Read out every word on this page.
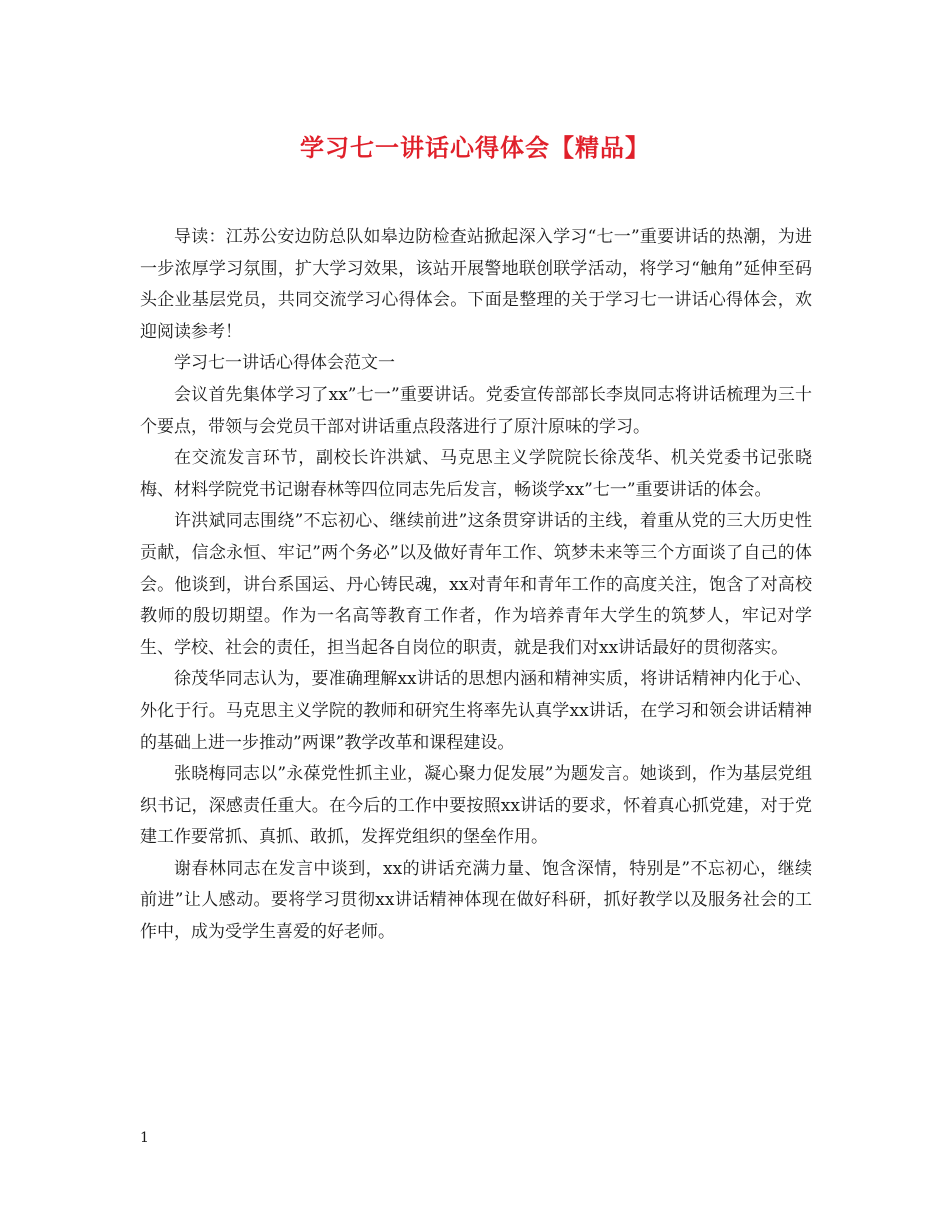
学习七一讲话心得体会【精品】

导读：江苏公安边防总队如皋边防检查站掀起深入学习“七一”重要讲话的热潮，为进一步浓厚学习氛围，扩大学习效果，该站开展警地联创联学活动，将学习“触角”延伸至码头企业基层党员，共同交流学习心得体会。下面是整理的关于学习七一讲话心得体会，欢迎阅读参考！

学习七一讲话心得体会范文一

会议首先集体学习了xx”七一”重要讲话。党委宣传部部长李岚同志将讲话梳理为三十个要点，带领与会党员干部对讲话重点段落进行了原汁原味的学习。

在交流发言环节，副校长许洪斌、马克思主义学院院长徐茂华、机关党委书记张晓梅、材料学院党书记谢春林等四位同志先后发言，畅谈学xx”七一”重要讲话的体会。

许洪斌同志围绕”不忘初心、继续前进”这条贯穿讲话的主线，着重从党的三大历史性贡献，信念永恒、牢记”两个务必”以及做好青年工作、筑梦未来等三个方面谈了自己的体会。他谈到，讲台系国运、丹心铸民魂，xx对青年和青年工作的高度关注，饱含了对高校教师的殷切期望。作为一名高等教育工作者，作为培养青年大学生的筑梦人，牢记对学生、学校、社会的责任，担当起各自岗位的职责，就是我们对xx讲话最好的贯彻落实。

徐茂华同志认为，要准确理解xx讲话的思想内涵和精神实质，将讲话精神内化于心、外化于行。马克思主义学院的教师和研究生将率先认真学xx讲话，在学习和领会讲话精神的基础上进一步推动”两课”教学改革和课程建设。

张晓梅同志以”永葆党性抓主业，凝心聚力促发展”为题发言。她谈到，作为基层党组织书记，深感责任重大。在今后的工作中要按照xx讲话的要求，怀着真心抓党建，对于党建工作要常抓、真抓、敢抓，发挥党组织的堡垒作用。

谢春林同志在发言中谈到，xx的讲话充满力量、饱含深情，特别是”不忘初心，继续前进”让人感动。要将学习贯彻xx讲话精神体现在做好科研，抓好教学以及服务社会的工作中，成为受学生喜爱的好老师。

1
